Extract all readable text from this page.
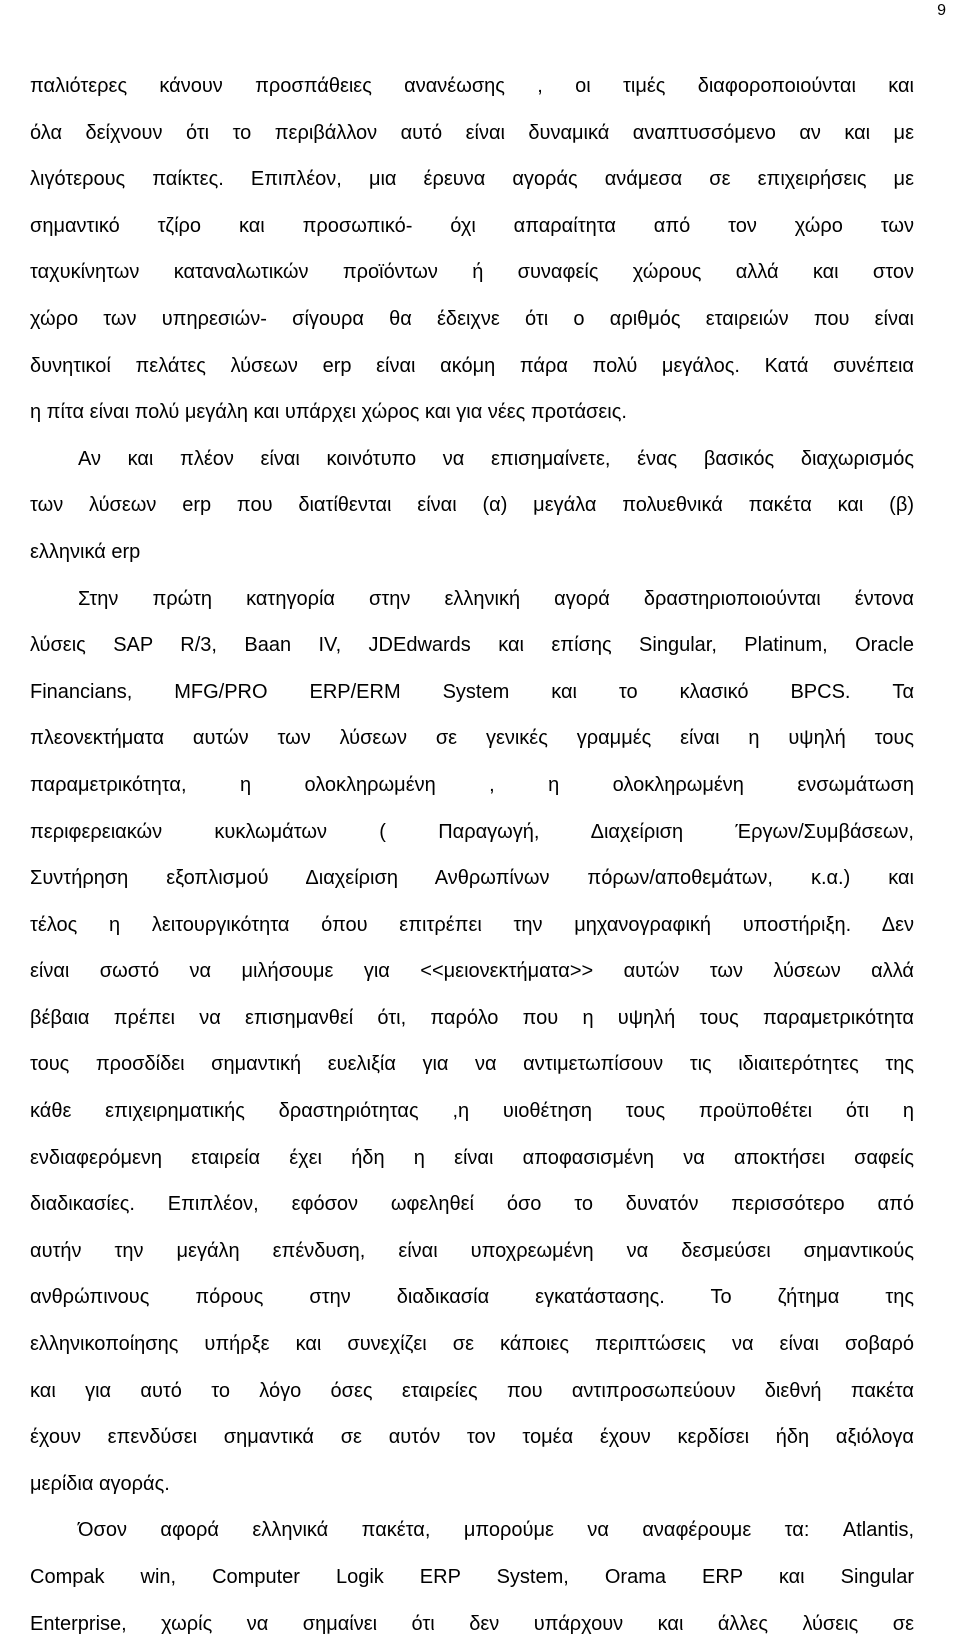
9
παλιότερες κάνουν προσπάθειες ανανέωσης , οι τιμές διαφοροποιούνται και
όλα δείχνουν ότι το περιβάλλον αυτό είναι δυναμικά αναπτυσσόμενο αν και με
λιγότερους παίκτες. Επιπλέον, μια έρευνα αγοράς ανάμεσα σε επιχειρήσεις με
σημαντικό τζίρο και προσωπικό- όχι απαραίτητα από τον χώρο των
ταχυκίνητων καταναλωτικών προϊόντων ή συναφείς χώρους αλλά και στον
χώρο των υπηρεσιών- σίγουρα θα έδειχνε ότι ο αριθμός εταιρειών που είναι
δυνητικοί πελάτες λύσεων erp είναι ακόμη πάρα πολύ μεγάλος. Κατά συνέπεια
η πίτα είναι πολύ μεγάλη και υπάρχει χώρος και για νέες προτάσεις.
Αν και πλέον είναι κοινότυπο να επισημαίνετε, ένας βασικός διαχωρισμός
των λύσεων erp που διατίθενται είναι (α) μεγάλα πολυεθνικά πακέτα και (β)
ελληνικά erp
Στην πρώτη κατηγορία στην ελληνική αγορά δραστηριοποιούνται έντονα
λύσεις SAP R/3, Baan IV, JDEdwards και επίσης Singular, Platinum, Oracle
Financians, MFG/PRO ERP/ERM System και το κλασικό BPCS. Τα
πλεονεκτήματα αυτών των λύσεων σε γενικές γραμμές είναι η υψηλή τους
παραμετρικότητα, η ολοκληρωμένη , η ολοκληρωμένη ενσωμάτωση
περιφερειακών κυκλωμάτων ( Παραγωγή, Διαχείριση Έργων/Συμβάσεων,
Συντήρηση εξοπλισμού Διαχείριση Ανθρωπίνων πόρων/αποθεμάτων, κ.α.) και
τέλος η λειτουργικότητα όπου επιτρέπει την μηχανογραφική υποστήριξη. Δεν
είναι σωστό να μιλήσουμε για <<μειονεκτήματα>> αυτών των λύσεων αλλά
βέβαια πρέπει να επισημανθεί ότι, παρόλο που η υψηλή τους παραμετρικότητα
τους προσδίδει σημαντική ευελιξία για να αντιμετωπίσουν τις ιδιαιτερότητες της
κάθε επιχειρηματικής δραστηριότητας ,η υιοθέτηση τους προϋποθέτει ότι η
ενδιαφερόμενη εταιρεία έχει ήδη η είναι αποφασισμένη να αποκτήσει σαφείς
διαδικασίες. Επιπλέον, εφόσον ωφεληθεί όσο το δυνατόν περισσότερο από
αυτήν την μεγάλη επένδυση, είναι υποχρεωμένη να δεσμεύσει σημαντικούς
ανθρώπινους πόρους στην διαδικασία εγκατάστασης. Το ζήτημα της
ελληνικοποίησης υπήρξε και συνεχίζει σε κάποιες περιπτώσεις να είναι σοβαρό
και για αυτό το λόγο όσες εταιρείες που αντιπροσωπεύουν διεθνή πακέτα
έχουν επενδύσει σημαντικά σε αυτόν τον τομέα έχουν κερδίσει ήδη αξιόλογα
μερίδια αγοράς.
Όσον αφορά ελληνικά πακέτα, μπορούμε να αναφέρουμε τα: Atlantis,
Compak win, Computer Logik ERP System, Orama ERP και Singular
Enterprise, χωρίς να σημαίνει ότι δεν υπάρχουν και άλλες λύσεις σε
